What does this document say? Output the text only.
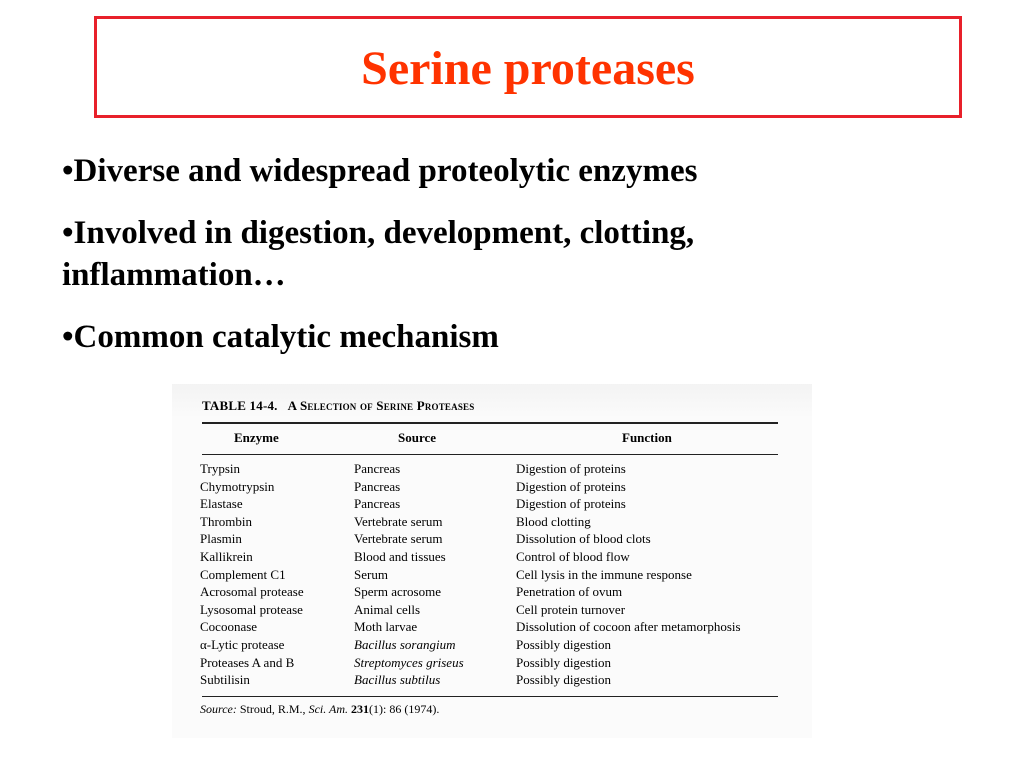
Serine proteases
•Diverse and widespread proteolytic enzymes
•Involved in digestion, development, clotting, inflammation…
•Common catalytic mechanism
TABLE 14-4. A Selection of Serine Proteases
Enzyme	Source	Function
Trypsin	Pancreas	Digestion of proteins
Chymotrypsin	Pancreas	Digestion of proteins
Elastase	Pancreas	Digestion of proteins
Thrombin	Vertebrate serum	Blood clotting
Plasmin	Vertebrate serum	Dissolution of blood clots
Kallikrein	Blood and tissues	Control of blood flow
Complement C1	Serum	Cell lysis in the immune response
Acrosomal protease	Sperm acrosome	Penetration of ovum
Lysosomal protease	Animal cells	Cell protein turnover
Cocoonase	Moth larvae	Dissolution of cocoon after metamorphosis
α-Lytic protease	Bacillus sorangium	Possibly digestion
Proteases A and B	Streptomyces griseus	Possibly digestion
Subtilisin	Bacillus subtilus	Possibly digestion
Source: Stroud, R.M., Sci. Am. 231(1): 86 (1974).
